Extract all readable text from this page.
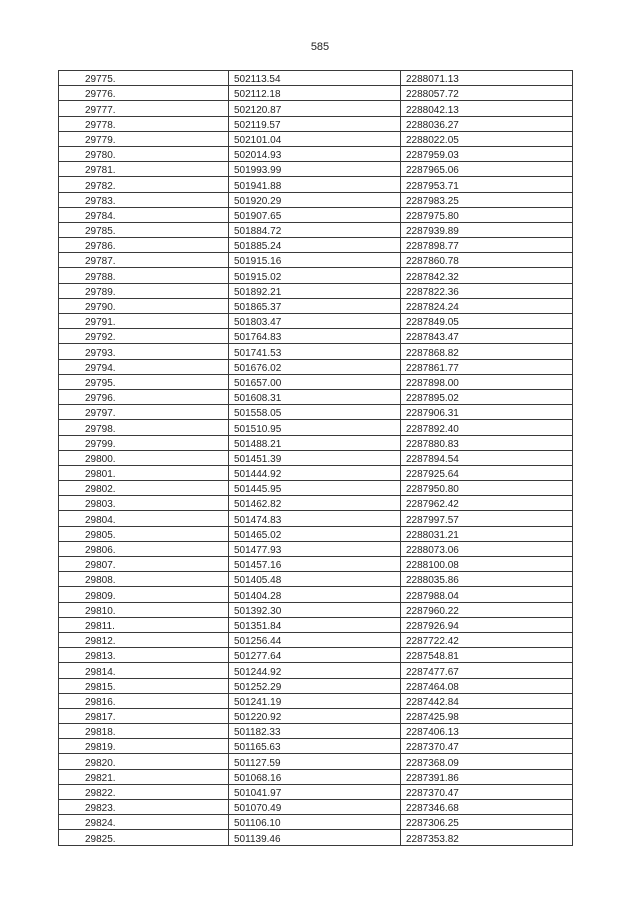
585
29775.	502113.54	2288071.13
29776.	502112.18	2288057.72
29777.	502120.87	2288042.13
29778.	502119.57	2288036.27
29779.	502101.04	2288022.05
29780.	502014.93	2287959.03
29781.	501993.99	2287965.06
29782.	501941.88	2287953.71
29783.	501920.29	2287983.25
29784.	501907.65	2287975.80
29785.	501884.72	2287939.89
29786.	501885.24	2287898.77
29787.	501915.16	2287860.78
29788.	501915.02	2287842.32
29789.	501892.21	2287822.36
29790.	501865.37	2287824.24
29791.	501803.47	2287849.05
29792.	501764.83	2287843.47
29793.	501741.53	2287868.82
29794.	501676.02	2287861.77
29795.	501657.00	2287898.00
29796.	501608.31	2287895.02
29797.	501558.05	2287906.31
29798.	501510.95	2287892.40
29799.	501488.21	2287880.83
29800.	501451.39	2287894.54
29801.	501444.92	2287925.64
29802.	501445.95	2287950.80
29803.	501462.82	2287962.42
29804.	501474.83	2287997.57
29805.	501465.02	2288031.21
29806.	501477.93	2288073.06
29807.	501457.16	2288100.08
29808.	501405.48	2288035.86
29809.	501404.28	2287988.04
29810.	501392.30	2287960.22
29811.	501351.84	2287926.94
29812.	501256.44	2287722.42
29813.	501277.64	2287548.81
29814.	501244.92	2287477.67
29815.	501252.29	2287464.08
29816.	501241.19	2287442.84
29817.	501220.92	2287425.98
29818.	501182.33	2287406.13
29819.	501165.63	2287370.47
29820.	501127.59	2287368.09
29821.	501068.16	2287391.86
29822.	501041.97	2287370.47
29823.	501070.49	2287346.68
29824.	501106.10	2287306.25
29825.	501139.46	2287353.82
